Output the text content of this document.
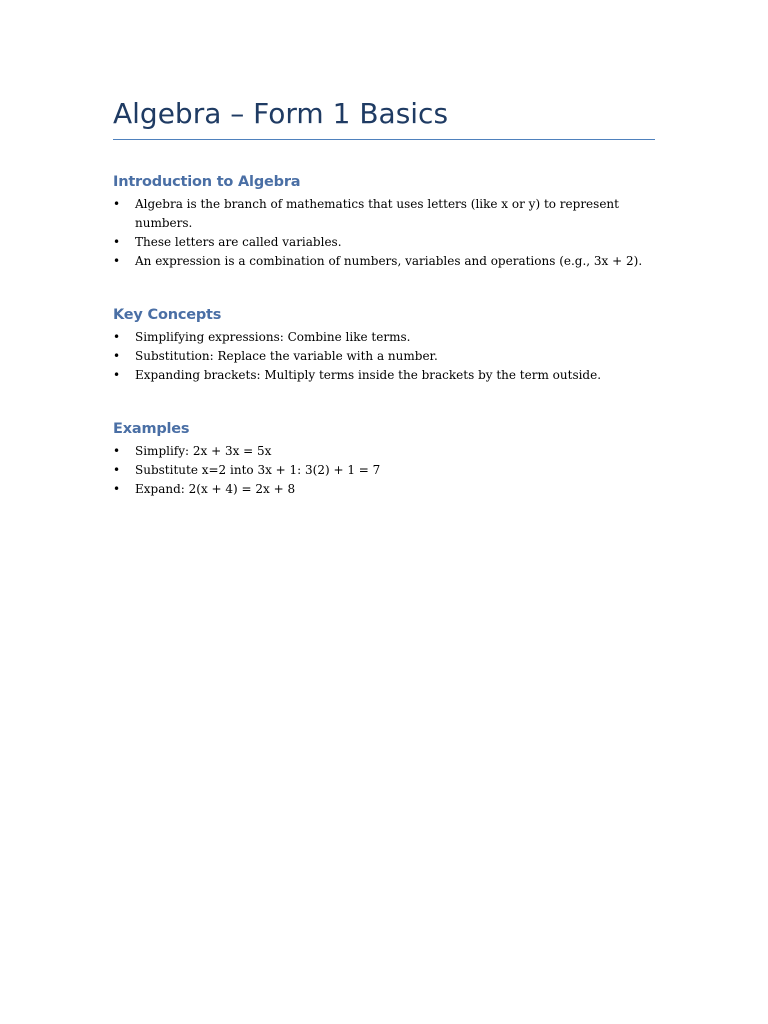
Algebra – Form 1 Basics
Introduction to Algebra
• Algebra is the branch of mathematics that uses letters (like x or y) to represent numbers.
• These letters are called variables.
• An expression is a combination of numbers, variables and operations (e.g., 3x + 2).
Key Concepts
• Simplifying expressions: Combine like terms.
• Substitution: Replace the variable with a number.
• Expanding brackets: Multiply terms inside the brackets by the term outside.
Examples
• Simplify: 2x + 3x = 5x
• Substitute x=2 into 3x + 1: 3(2) + 1 = 7
• Expand: 2(x + 4) = 2x + 8
